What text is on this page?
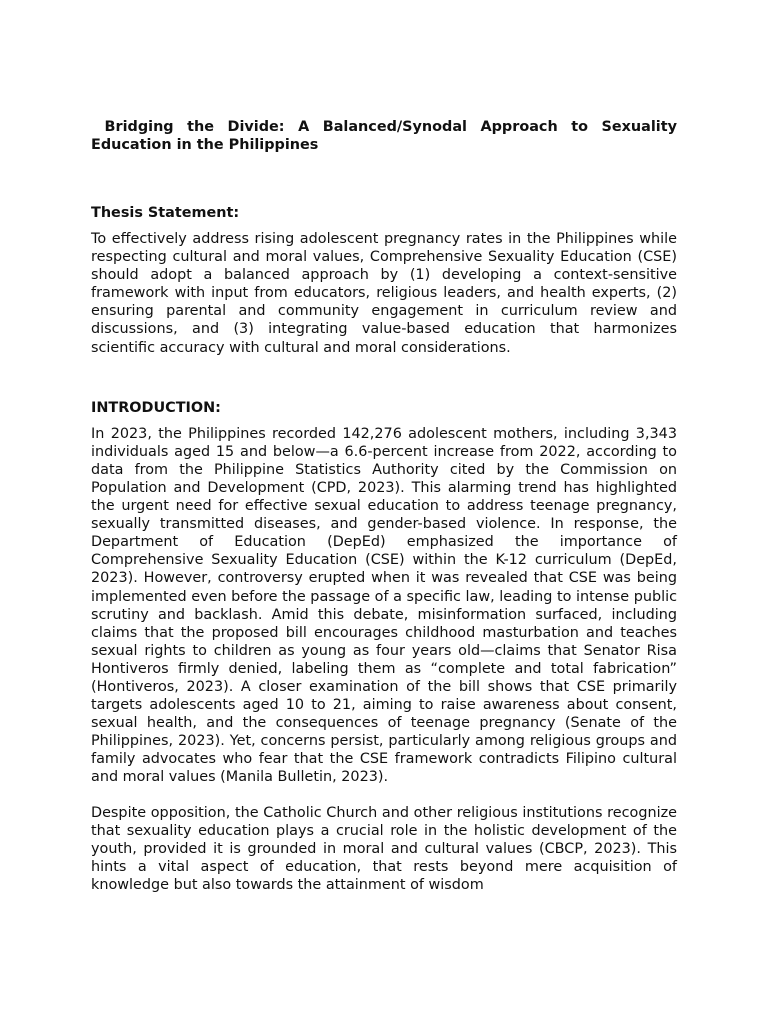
Bridging the Divide: A Balanced/Synodal Approach to Sexuality Education in the Philippines
Thesis Statement:

To effectively address rising adolescent pregnancy rates in the Philippines while respecting cultural and moral values, Comprehensive Sexuality Education (CSE) should adopt a balanced approach by (1) developing a context-sensitive framework with input from educators, religious leaders, and health experts, (2) ensuring parental and community engagement in curriculum review and discussions, and (3) integrating value-based education that harmonizes scientific accuracy with cultural and moral considerations.

INTRODUCTION:

In 2023, the Philippines recorded 142,276 adolescent mothers, including 3,343 individuals aged 15 and below—a 6.6-percent increase from 2022, according to data from the Philippine Statistics Authority cited by the Commission on Population and Development (CPD, 2023). This alarming trend has highlighted the urgent need for effective sexual education to address teenage pregnancy, sexually transmitted diseases, and gender-based violence. In response, the Department of Education (DepEd) emphasized the importance of Comprehensive Sexuality Education (CSE) within the K-12 curriculum (DepEd, 2023). However, controversy erupted when it was revealed that CSE was being implemented even before the passage of a specific law, leading to intense public scrutiny and backlash. Amid this debate, misinformation surfaced, including claims that the proposed bill encourages childhood masturbation and teaches sexual rights to children as young as four years old—claims that Senator Risa Hontiveros firmly denied, labeling them as “complete and total fabrication” (Hontiveros, 2023). A closer examination of the bill shows that CSE primarily targets adolescents aged 10 to 21, aiming to raise awareness about consent, sexual health, and the consequences of teenage pregnancy (Senate of the Philippines, 2023). Yet, concerns persist, particularly among religious groups and family advocates who fear that the CSE framework contradicts Filipino cultural and moral values (Manila Bulletin, 2023).

Despite opposition, the Catholic Church and other religious institutions recognize that sexuality education plays a crucial role in the holistic development of the youth, provided it is grounded in moral and cultural values (CBCP, 2023). This hints a vital aspect of education, that rests beyond mere acquisition of knowledge but also towards the attainment of wisdom
